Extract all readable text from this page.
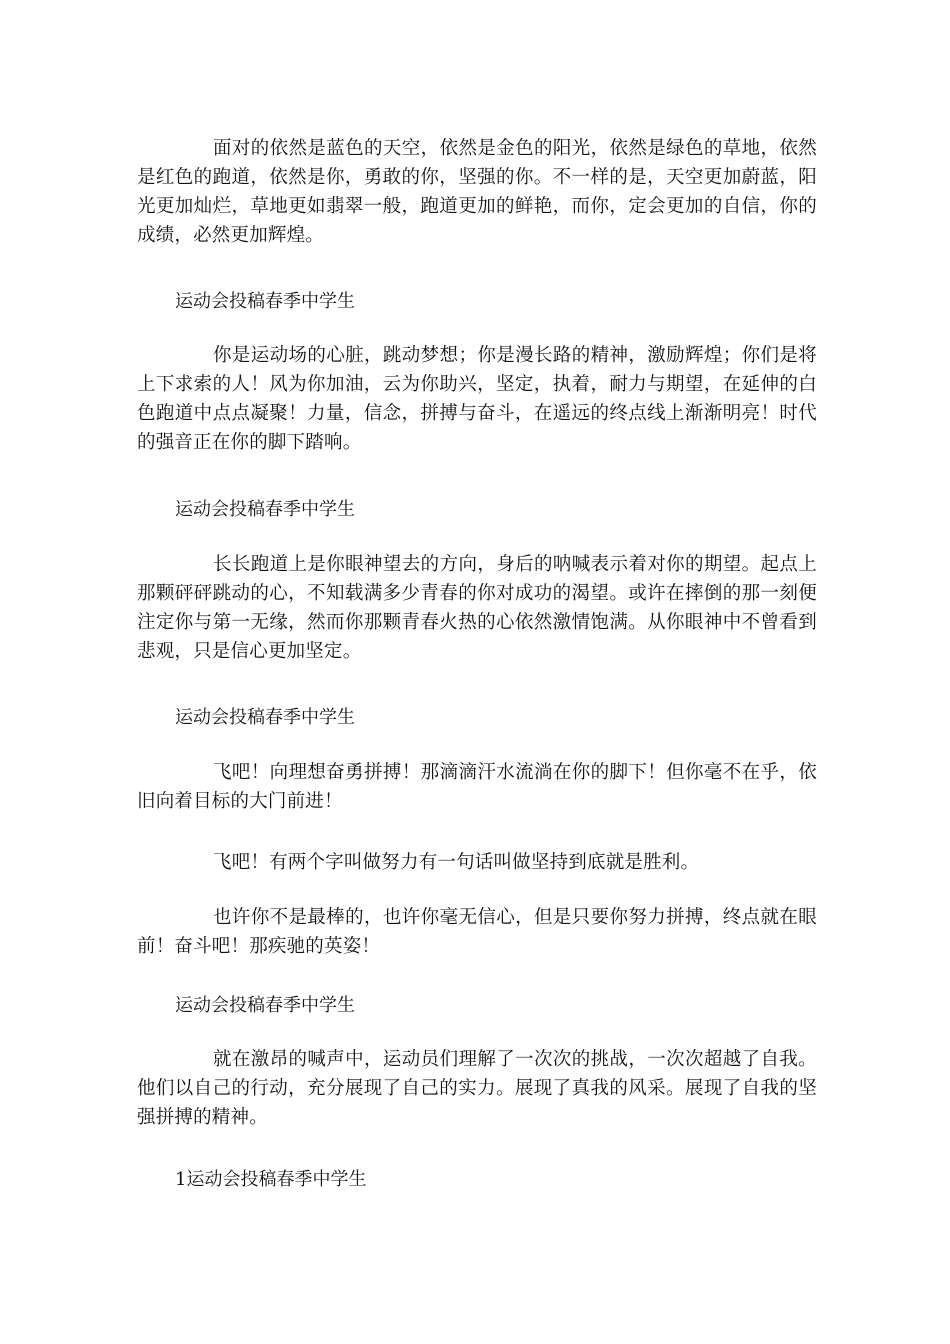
面对的依然是蓝色的天空，依然是金色的阳光，依然是绿色的草地，依然是红色的跑道，依然是你，勇敢的你，坚强的你。不一样的是，天空更加蔚蓝，阳光更加灿烂，草地更如翡翠一般，跑道更加的鲜艳，而你，定会更加的自信，你的成绩，必然更加辉煌。

运动会投稿春季中学生

你是运动场的心脏，跳动梦想；你是漫长路的精神，激励辉煌；你们是将上下求索的人！风为你加油，云为你助兴，坚定，执着，耐力与期望，在延伸的白色跑道中点点凝聚！力量，信念，拼搏与奋斗，在遥远的终点线上渐渐明亮！时代的强音正在你的脚下踏响。

运动会投稿春季中学生

长长跑道上是你眼神望去的方向，身后的呐喊表示着对你的期望。起点上那颗砰砰跳动的心，不知载满多少青春的你对成功的渴望。或许在摔倒的那一刻便注定你与第一无缘，然而你那颗青春火热的心依然激情饱满。从你眼神中不曾看到悲观，只是信心更加坚定。

运动会投稿春季中学生

飞吧！向理想奋勇拼搏！那滴滴汗水流淌在你的脚下！但你毫不在乎，依旧向着目标的大门前进！

飞吧！有两个字叫做努力有一句话叫做坚持到底就是胜利。

也许你不是最棒的，也许你毫无信心，但是只要你努力拼搏，终点就在眼前！奋斗吧！那疾驰的英姿！

运动会投稿春季中学生

就在激昂的喊声中，运动员们理解了一次次的挑战，一次次超越了自我。他们以自己的行动，充分展现了自己的实力。展现了真我的风采。展现了自我的坚强拼搏的精神。

1运动会投稿春季中学生
